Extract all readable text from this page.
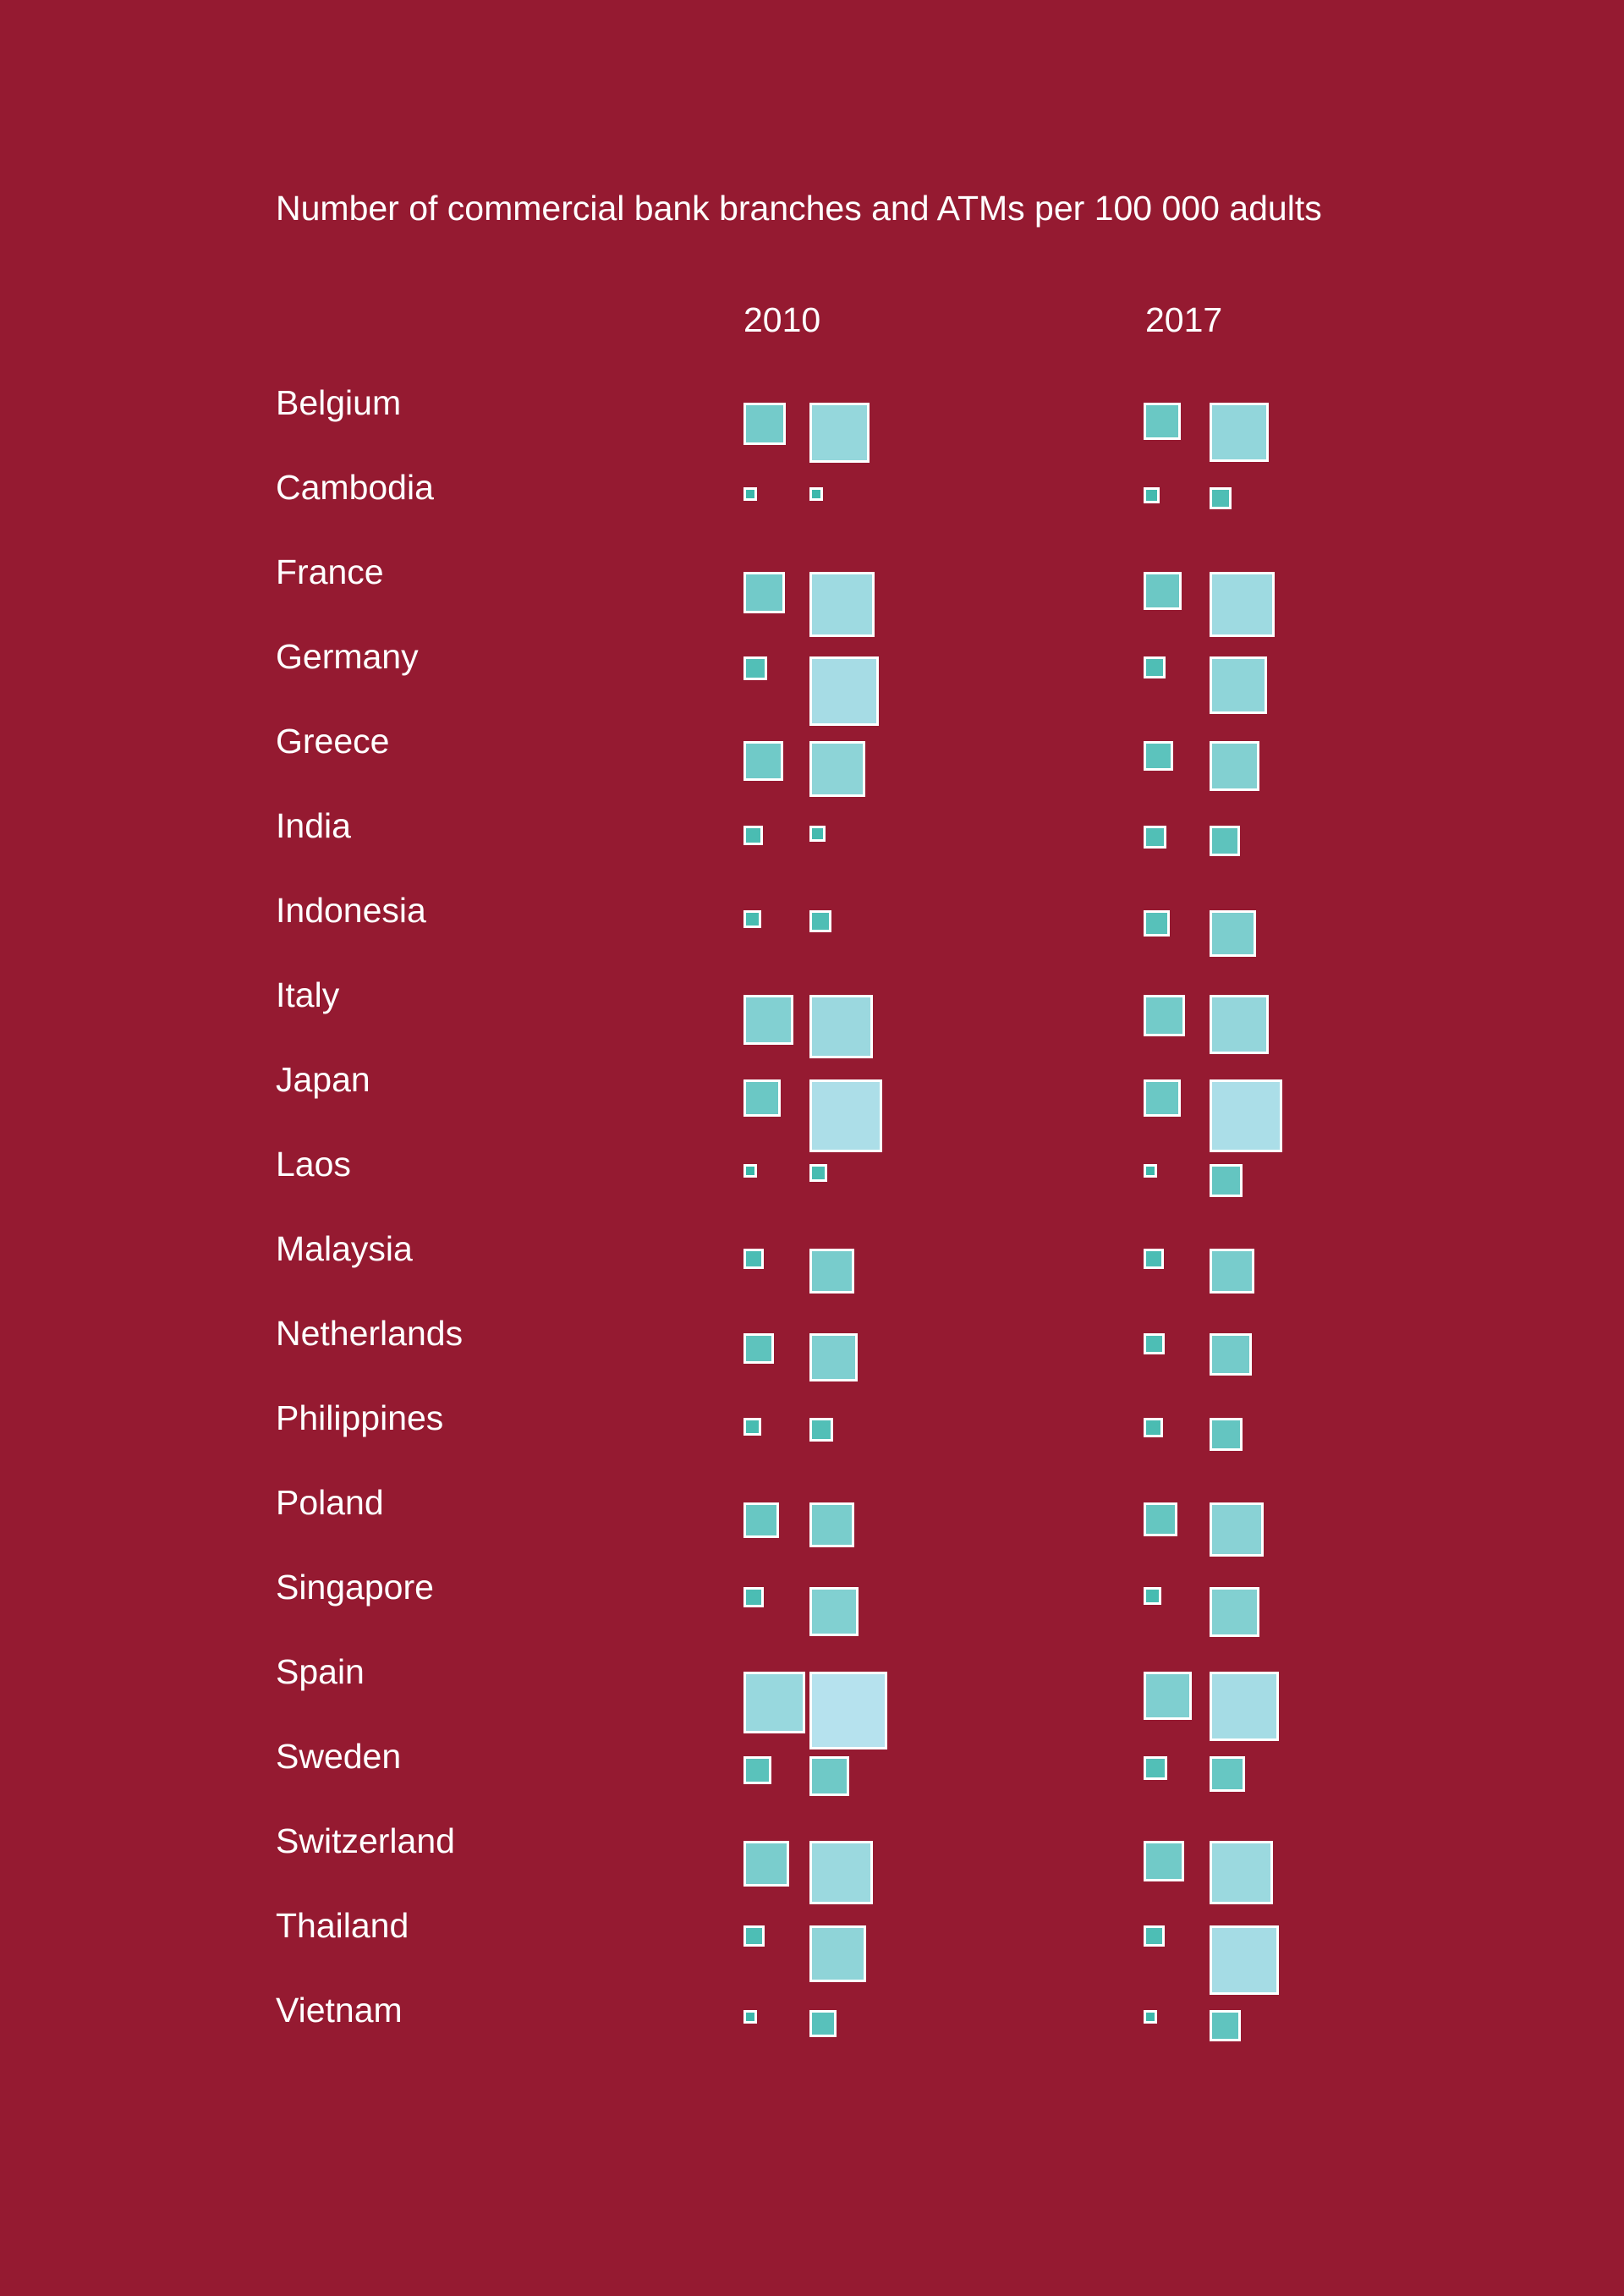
Number of commercial bank branches and ATMs per 100 000 adults
2010	2017
Belgium
Cambodia
France
Germany
Greece
India
Indonesia
Italy
Japan
Laos
Malaysia
Netherlands
Philippines
Poland
Singapore
Spain
Sweden
Switzerland
Thailand
Vietnam
